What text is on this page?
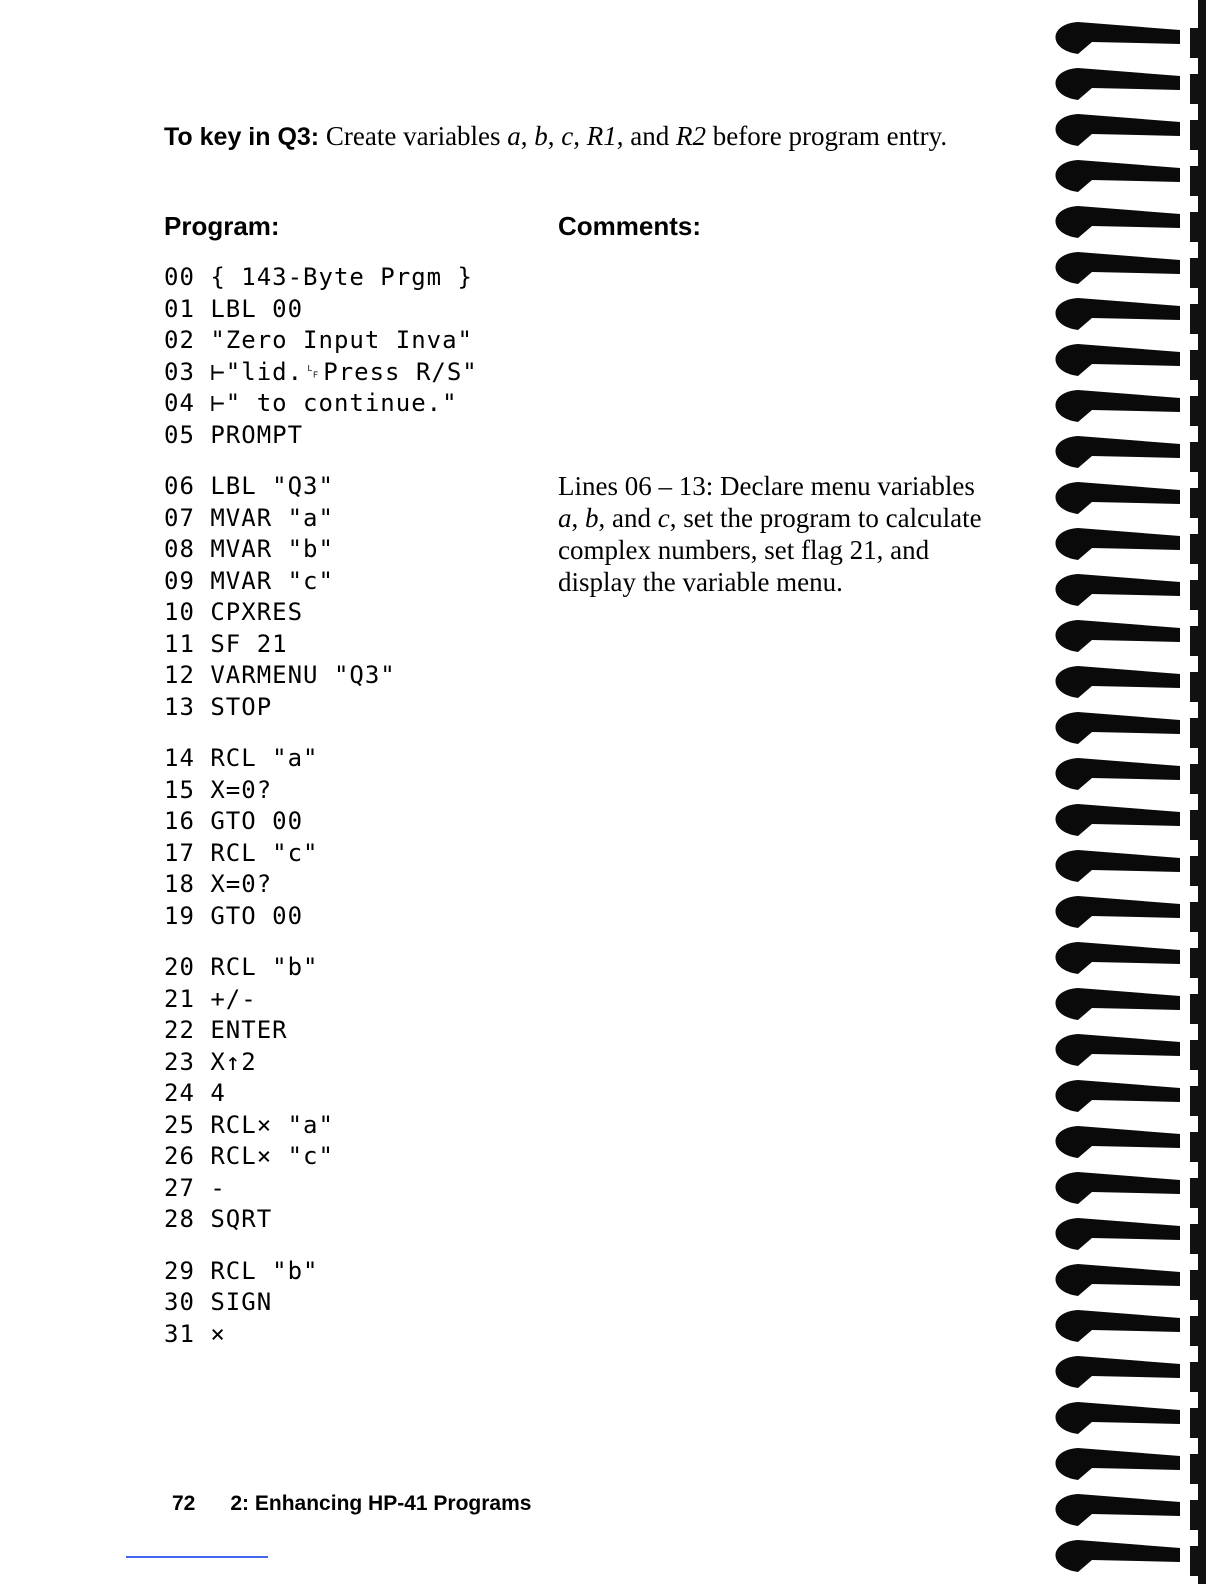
To key in Q3: Create variables a, b, c, R1, and R2 before program entry.

Program:	Comments:
00 { 143-Byte Prgm }
01 LBL 00
02 "Zero Input Inva"
03 ⊢"lid.␊Press R/S"
04 ⊢" to continue."
05 PROMPT
06 LBL "Q3"
07 MVAR "a"
08 MVAR "b"
09 MVAR "c"
10 CPXRES
11 SF 21
12 VARMENU "Q3"
13 STOP
14 RCL "a"
15 X=0?
16 GTO 00
17 RCL "c"
18 X=0?
19 GTO 00
20 RCL "b"
21 +/-
22 ENTER
23 X↑2
24 4
25 RCL× "a"
26 RCL× "c"
27 -
28 SQRT
29 RCL "b"
30 SIGN
31 ×

Lines 06 – 13: Declare menu variables a, b, and c, set the program to calculate complex numbers, set flag 21, and display the variable menu.

72 2: Enhancing HP-41 Programs
